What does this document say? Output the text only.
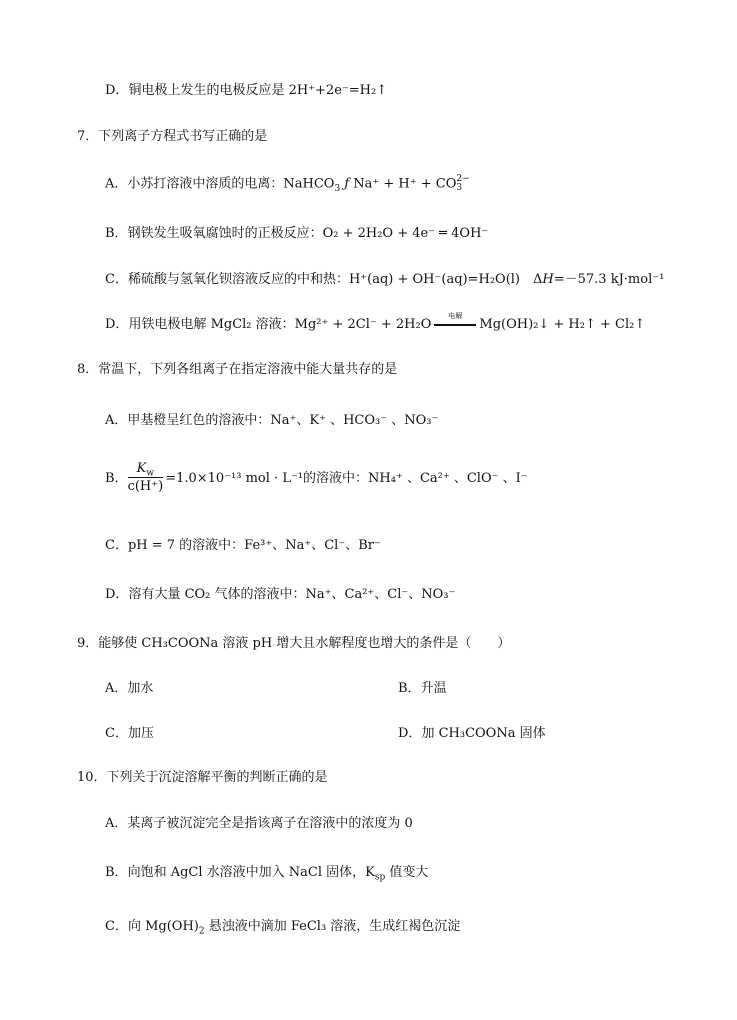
D．铜电极上发生的电极反应是 2H⁺+2e⁻=H₂↑
7．下列离子方程式书写正确的是
A．小苏打溶液中溶质的电离：NaHCO$_3$ ƒ Na⁺ + H⁺ + CO 2−
3
B．钢铁发生吸氧腐蚀时的正极反应：O₂ + 2H₂O + 4e⁻ ═ 4OH⁻
C．稀硫酸与氢氧化钡溶液反应的中和热：H⁺(aq) + OH⁻(aq)=H₂O(l)　ΔH=－57.3 kJ·mol⁻¹
D．用铁电极电解 MgCl₂ 溶液：Mg²⁺ + 2Cl⁻ + 2H₂O
电解
Mg(OH)₂↓ + H₂↑ + Cl₂↑
8．常温下，下列各组离子在指定溶液中能大量共存的是
A．甲基橙呈红色的溶液中：Na⁺、K⁺ 、HCO₃⁻ 、NO₃⁻
B． $\frac{K_w}{c(H^+)} =1.0\times 10^{-13}$ mol · L⁻¹的溶液中：NH₄⁺ 、Ca²⁺ 、ClO⁻ 、I⁻
C．pH = 7 的溶液中：Fe³⁺、Na⁺、Cl⁻、Br⁻
D．溶有大量 CO₂ 气体的溶液中：Na⁺、Ca²⁺、Cl⁻、NO₃⁻
9．能够使 CH₃COONa 溶液 pH 增大且水解程度也增大的条件是（　　）
A．加水	B．升温
C．加压	D．加 CH₃COONa 固体
10．下列关于沉淀溶解平衡的判断正确的是
A．某离子被沉淀完全是指该离子在溶液中的浓度为 0
B．向饱和 AgCl 水溶液中加入 NaCl 固体，$K_{sp}$ 值变大
C．向 $Mg(OH)_2$ 悬浊液中滴加 FeCl₃ 溶液，生成红褐色沉淀
